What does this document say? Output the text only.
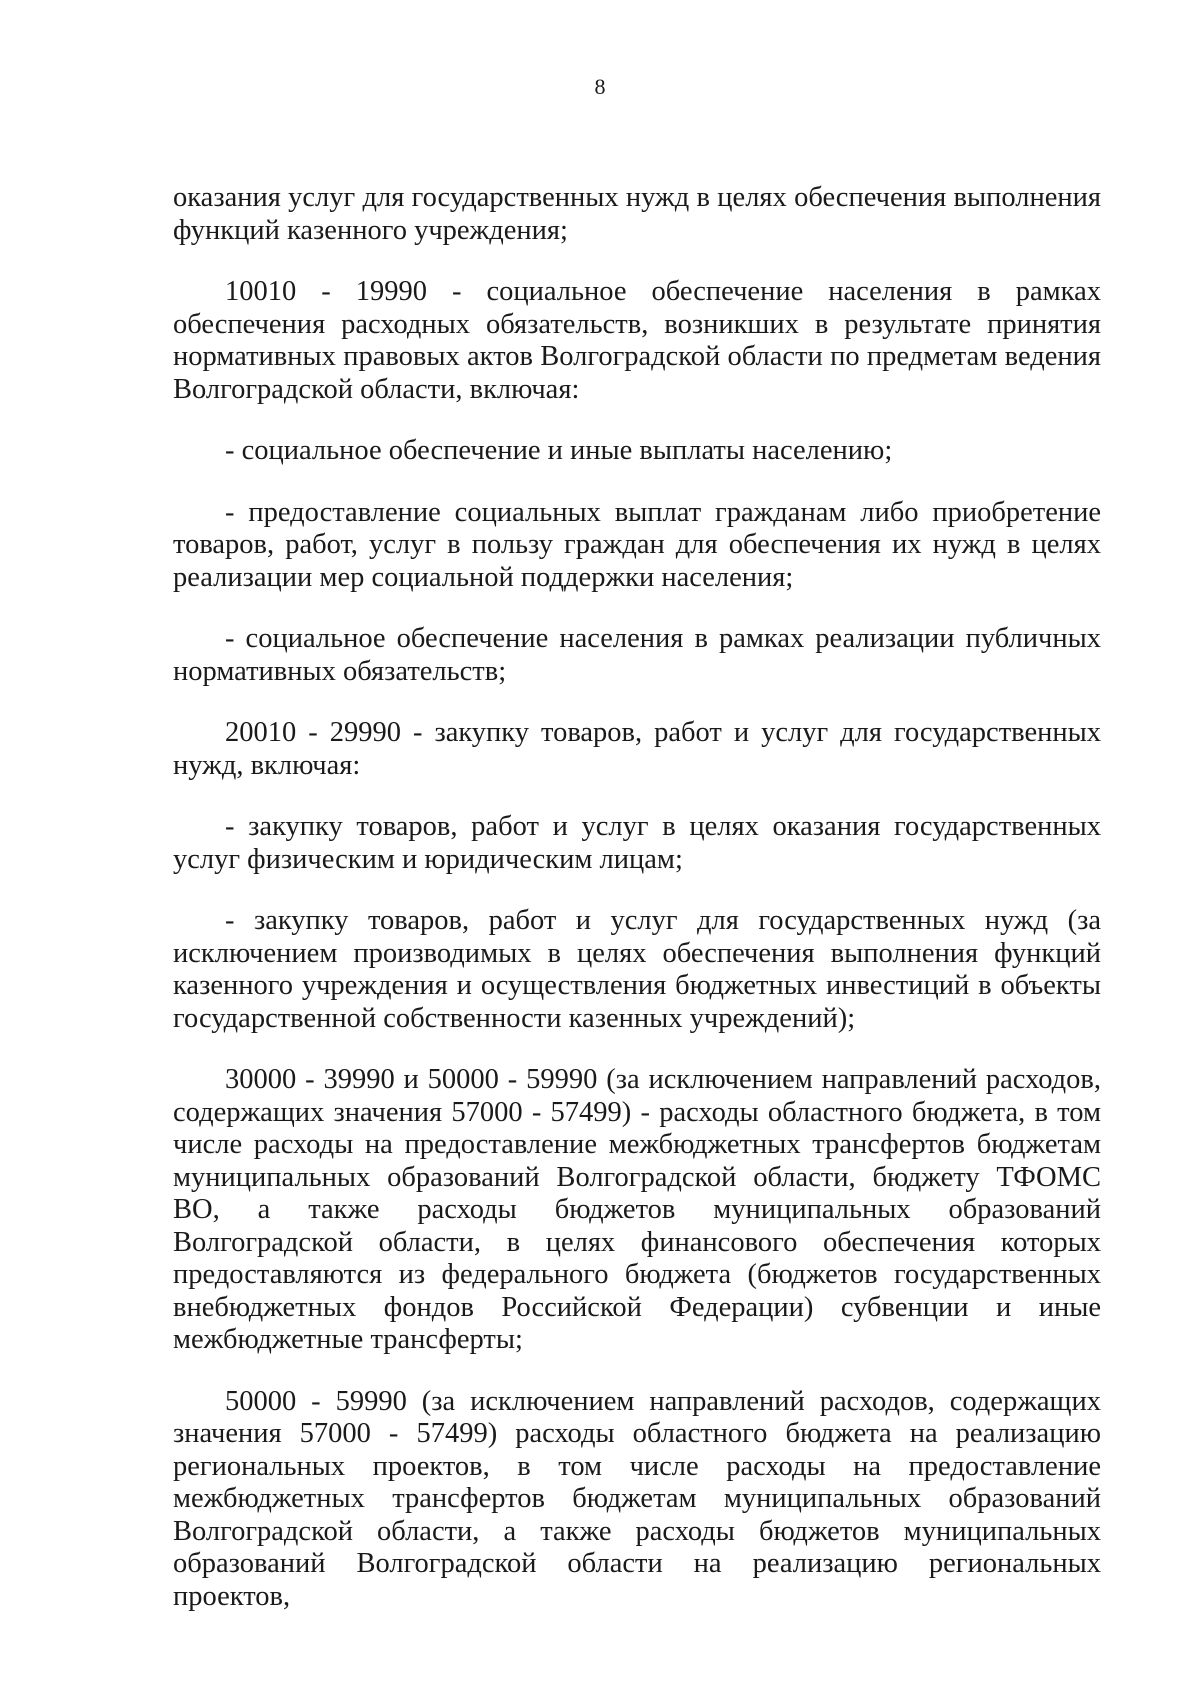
8

оказания услуг для государственных нужд в целях обеспечения выполнения функций казенного учреждения;

10010 - 19990 - социальное обеспечение населения в рамках обеспечения расходных обязательств, возникших в результате принятия нормативных правовых актов Волгоградской области по предметам ведения Волгоградской области, включая:

- социальное обеспечение и иные выплаты населению;

- предоставление социальных выплат гражданам либо приобретение товаров, работ, услуг в пользу граждан для обеспечения их нужд в целях реализации мер социальной поддержки населения;

- социальное обеспечение населения в рамках реализации публичных нормативных обязательств;

20010 - 29990 - закупку товаров, работ и услуг для государственных нужд, включая:

- закупку товаров, работ и услуг в целях оказания государственных услуг физическим и юридическим лицам;

- закупку товаров, работ и услуг для государственных нужд (за исключением производимых в целях обеспечения выполнения функций казенного учреждения и осуществления бюджетных инвестиций в объекты государственной собственности казенных учреждений);

30000 - 39990 и 50000 - 59990 (за исключением направлений расходов, содержащих значения 57000 - 57499) - расходы областного бюджета, в том числе расходы на предоставление межбюджетных трансфертов бюджетам муниципальных образований Волгоградской области, бюджету ТФОМС ВО, а также расходы бюджетов муниципальных образований Волгоградской области, в целях финансового обеспечения которых предоставляются из федерального бюджета (бюджетов государственных внебюджетных фондов Российской Федерации) субвенции и иные межбюджетные трансферты;

50000 - 59990 (за исключением направлений расходов, содержащих значения 57000 - 57499) расходы областного бюджета на реализацию региональных проектов, в том числе расходы на предоставление межбюджетных трансфертов бюджетам муниципальных образований Волгоградской области, а также расходы бюджетов муниципальных образований Волгоградской области на реализацию региональных проектов,
